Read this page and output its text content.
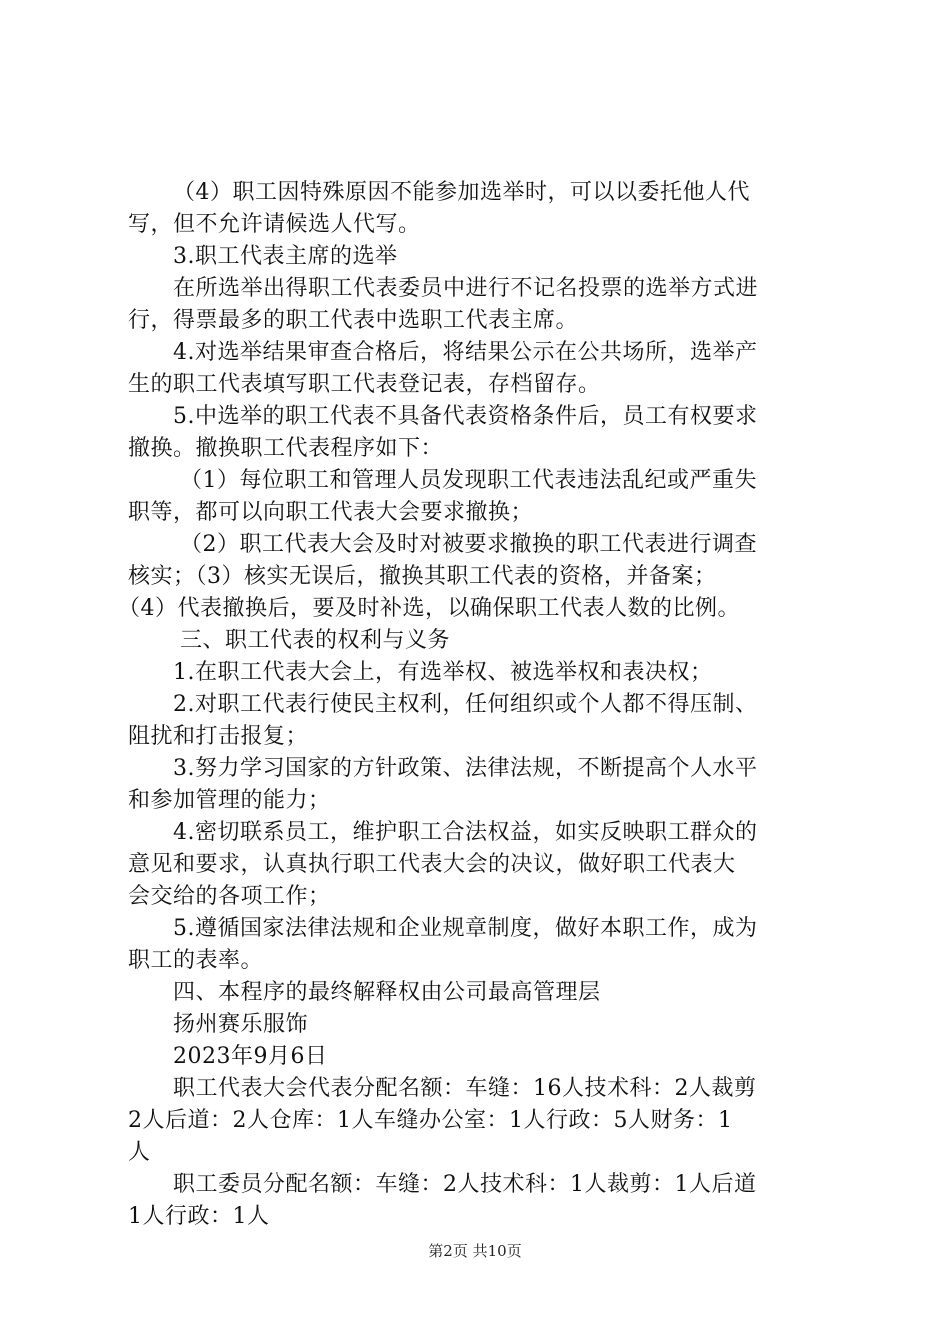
（4）职工因特殊原因不能参加选举时，可以以委托他人代
写，但不允许请候选人代写。
3.职工代表主席的选举
在所选举出得职工代表委员中进行不记名投票的选举方式进
行，得票最多的职工代表中选职工代表主席。
4.对选举结果审查合格后，将结果公示在公共场所，选举产
生的职工代表填写职工代表登记表，存档留存。
5.中选举的职工代表不具备代表资格条件后，员工有权要求
撤换。撤换职工代表程序如下：
（1）每位职工和管理人员发现职工代表违法乱纪或严重失
职等，都可以向职工代表大会要求撤换；
（2）职工代表大会及时对被要求撤换的职工代表进行调查
核实；（3）核实无误后，撤换其职工代表的资格，并备案；
（4）代表撤换后，要及时补选，以确保职工代表人数的比例。
三、职工代表的权利与义务
1.在职工代表大会上，有选举权、被选举权和表决权；
2.对职工代表行使民主权利，任何组织或个人都不得压制、
阻扰和打击报复；
3.努力学习国家的方针政策、法律法规，不断提高个人水平
和参加管理的能力；
4.密切联系员工，维护职工合法权益，如实反映职工群众的
意见和要求，认真执行职工代表大会的决议，做好职工代表大
会交给的各项工作；
5.遵循国家法律法规和企业规章制度，做好本职工作，成为
职工的表率。
四、本程序的最终解释权由公司最高管理层
扬州赛乐服饰
2023年9月6日
职工代表大会代表分配名额：车缝：16人技术科：2人裁剪
2人后道：2人仓库：1人车缝办公室：1人行政：5人财务：1
人
职工委员分配名额：车缝：2人技术科：1人裁剪：1人后道
1人行政：1人
第2页 共10页
